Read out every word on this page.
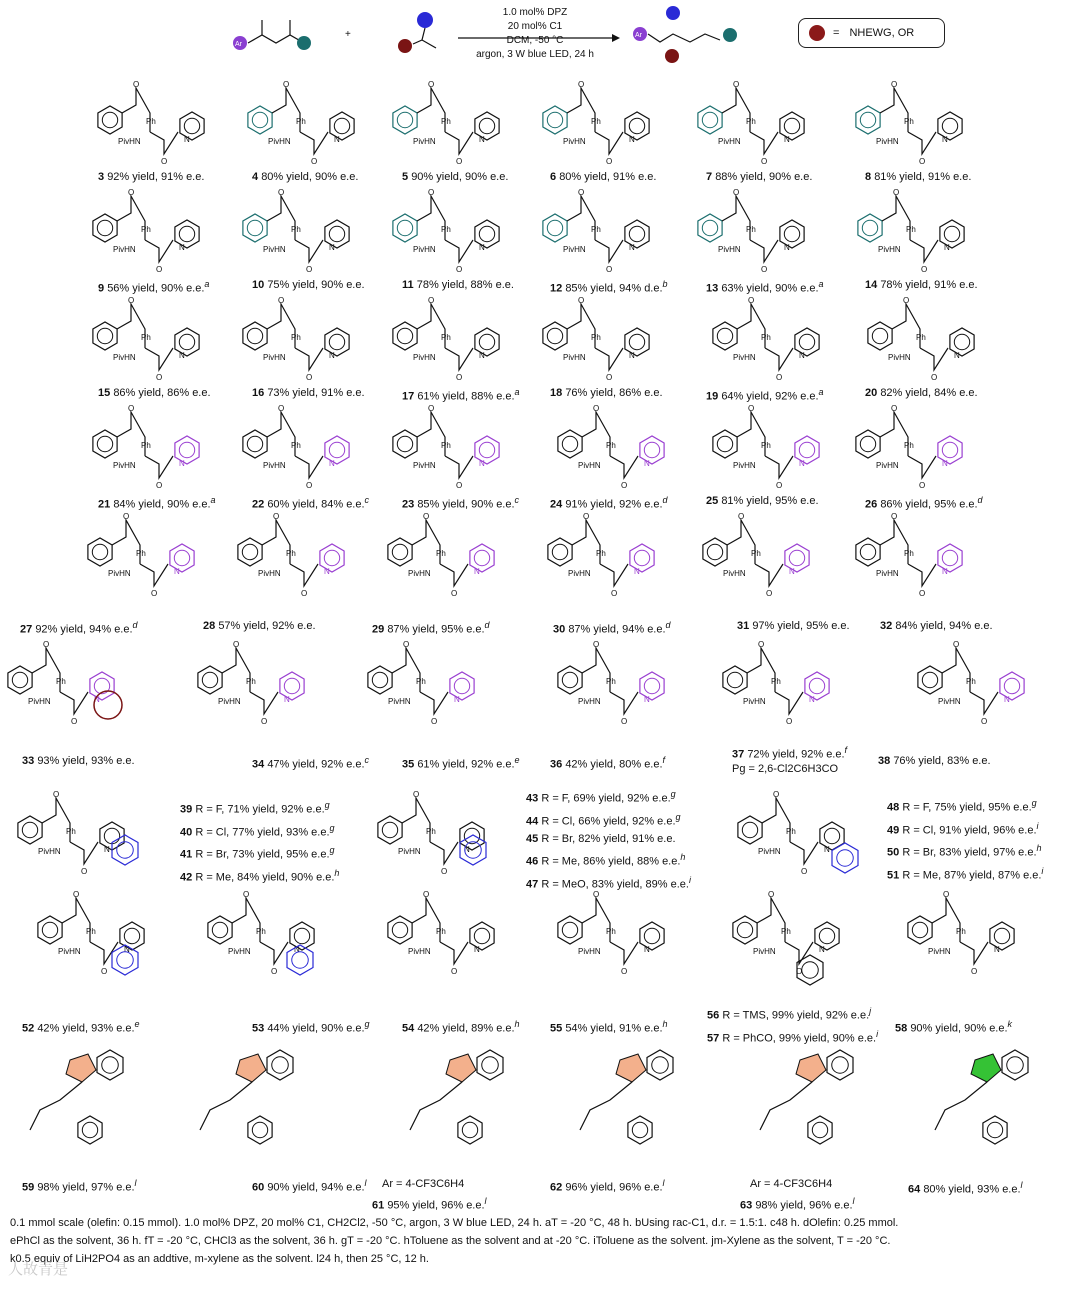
Ar
+	Ar
O
Ph
PivHN
O
N
O
Ph
PivHN
O
N
O
Ph
PivHN
O
N
O
Ph
PivHN
O
N
O
Ph
PivHN
O
N
O
Ph
PivHN
O
N
O
Ph
PivHN
O
N
O
Ph
PivHN
O
N
O
Ph
PivHN
O
N
O
Ph
PivHN
O
N
O
Ph
PivHN
O
N
O
Ph
PivHN
O
N
O
Ph
PivHN
O
N
O
Ph
PivHN
O
N
O
Ph
PivHN
O
N
O
Ph
PivHN
O
N
O
Ph
PivHN
O
N
O
Ph
PivHN
O
N
O
Ph
PivHN
O
N
O
Ph
PivHN
O
N
O
Ph
PivHN
O
N
O
Ph
PivHN
O
N
O
Ph
PivHN
O
N
O
Ph
PivHN
O
N
O
Ph
PivHN
O
N
O
Ph
PivHN
O
N
O
Ph
PivHN
O
N
O
Ph
PivHN
O
N
O
Ph
PivHN
O
N
O
Ph
PivHN
O
N
O
Ph
PivHN
O
N
O
Ph
PivHN
O
N
O
Ph
PivHN
O
N
O
Ph
PivHN
O
N
O
Ph
PivHN
O
N
O
Ph
PivHN
O
N
O
Ph
PivHN
O
N
O
Ph
PivHN
O
N
O
Ph
PivHN
O
N
O
Ph
PivHN
O
N
O
Ph
PivHN
O
N
O
Ph
PivHN
O
N
O
Ph
PivHN
O
N
O
Ph
PivHN
O
N
O
Ph
PivHN
O
N
1.0 mol% DPZ
20 mol% C1
DCM, -50 °C
argon, 3 W blue LED, 24 h
= NHEWG, OR
3 92% yield, 91% e.e.	4 80% yield, 90% e.e.	5 90% yield, 90% e.e.	6 80% yield, 91% e.e.	7 88% yield, 90% e.e.	8 81% yield, 91% e.e.
9 56% yield, 90% e.e.$^a$	10 75% yield, 90% e.e.	11 78% yield, 88% e.e.	12 85% yield, 94% d.e.$^b$	13 63% yield, 90% e.e.$^a$	14 78% yield, 91% e.e.
15 86% yield, 86% e.e.	16 73% yield, 91% e.e.	17 61% yield, 88% e.e.$^a$	18 76% yield, 86% e.e.	19 64% yield, 92% e.e.$^a$	20 82% yield, 84% e.e.
21 84% yield, 90% e.e.$^a$	22 60% yield, 84% e.e.$^c$	23 85% yield, 90% e.e.$^c$	24 91% yield, 92% e.e.$^d$	25 81% yield, 95% e.e.	26 86% yield, 95% e.e.$^d$
27 92% yield, 94% e.e.$^d$	28 57% yield, 92% e.e.	29 87% yield, 95% e.e.$^d$	30 87% yield, 94% e.e.$^d$	31 97% yield, 95% e.e.	32 84% yield, 94% e.e.
33 93% yield, 93% e.e.	34 47% yield, 92% e.e.$^c$	35 61% yield, 92% e.e.$^e$	36 42% yield, 80% e.e.$^f$	37 72% yield, 92% e.e.$^f$
Pg = 2,6-Cl2C6H3CO
38 76% yield, 83% e.e.
52 42% yield, 93% e.e.$^e$	53 44% yield, 90% e.e.$^g$	54 42% yield, 89% e.e.$^h$	55 54% yield, 91% e.e.$^h$	58 90% yield, 90% e.e.$^k$
59 98% yield, 97% e.e.$^l$	60 90% yield, 94% e.e.$^l$
61 95% yield, 96% e.e.$^l$
Ar = 4-CF3C6H4	62 96% yield, 96% e.e.$^l$
63 98% yield, 96% e.e.$^l$
Ar = 4-CF3C6H4	64 80% yield, 93% e.e.$^l$
39 R = F, 71% yield, 92% e.e.$^g$
40 R = Cl, 77% yield, 93% e.e.$^g$
41 R = Br, 73% yield, 95% e.e.$^g$
42 R = Me, 84% yield, 90% e.e.$^h$
43 R = F, 69% yield, 92% e.e.$^g$
44 R = Cl, 66% yield, 92% e.e.$^g$
45 R = Br, 82% yield, 91% e.e.
46 R = Me, 86% yield, 88% e.e.$^h$
47 R = MeO, 83% yield, 89% e.e.$^i$
48 R = F, 75% yield, 95% e.e.$^g$
49 R = Cl, 91% yield, 96% e.e.$^i$
50 R = Br, 83% yield, 97% e.e.$^h$
51 R = Me, 87% yield, 87% e.e.$^i$
56 R = TMS, 99% yield, 92% e.e.$^j$
57 R = PhCO, 99% yield, 90% e.e.$^i$
0.1 mmol scale (olefin: 0.15 mmol). 1.0 mol% DPZ, 20 mol% C1, CH2Cl2, -50 °C, argon, 3 W blue LED, 24 h. aT = -20 °C, 48 h. bUsing rac-C1, d.r. = 1.5:1. c48 h. dOlefin: 0.25 mmol.
ePhCl as the solvent, 36 h. fT = -20 °C, CHCl3 as the solvent, 36 h. gT = -20 °C. hToluene as the solvent and at -20 °C. iToluene as the solvent. jm-Xylene as the solvent, T = -20 °C.
k0.5 equiv of LiH2PO4 as an addtive, m-xylene as the solvent. l24 h, then 25 °C, 12 h.
人故青是
